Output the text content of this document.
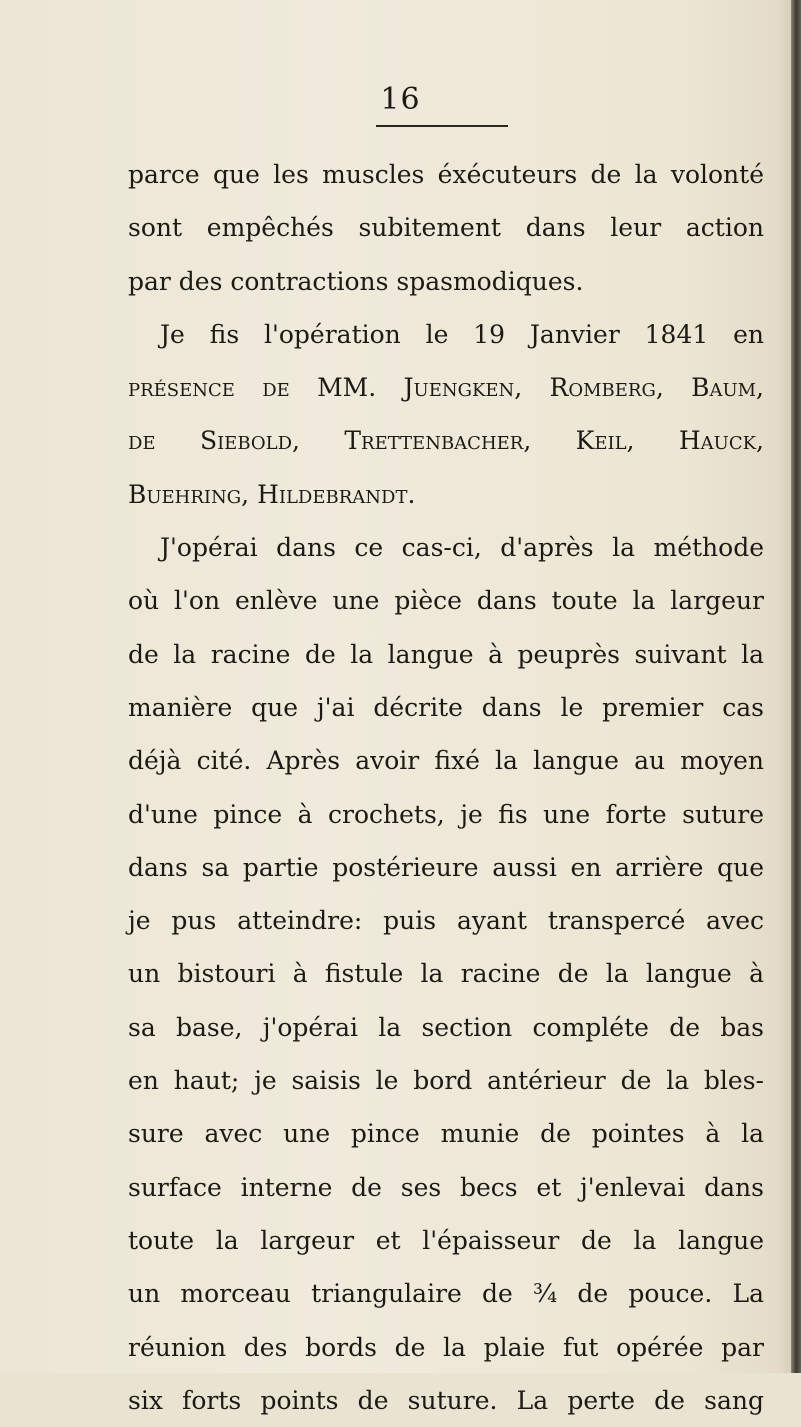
16
parce que les muscles éxécuteurs de la volonté
sont empêchés subitement dans leur action
par des contractions spasmodiques.
Je fis l'opération le 19 Janvier 1841 en
présence de MM. Juengken, Romberg, Baum,
de Siebold, Trettenbacher, Keil, Hauck,
Buehring, Hildebrandt.
J'opérai dans ce cas-ci, d'après la méthode
où l'on enlève une pièce dans toute la largeur
de la racine de la langue à peuprès suivant la
manière que j'ai décrite dans le premier cas
déjà cité. Après avoir fixé la langue au moyen
d'une pince à crochets, je fis une forte suture
dans sa partie postérieure aussi en arrière que
je pus atteindre: puis ayant transpercé avec
un bistouri à fistule la racine de la langue à
sa base, j'opérai la section compléte de bas
en haut; je saisis le bord antérieur de la bles-
sure avec une pince munie de pointes à la
surface interne de ses becs et j'enlevai dans
toute la largeur et l'épaisseur de la langue
un morceau triangulaire de ¾ de pouce. La
réunion des bords de la plaie fut opérée par
six forts points de suture. La perte de sang
